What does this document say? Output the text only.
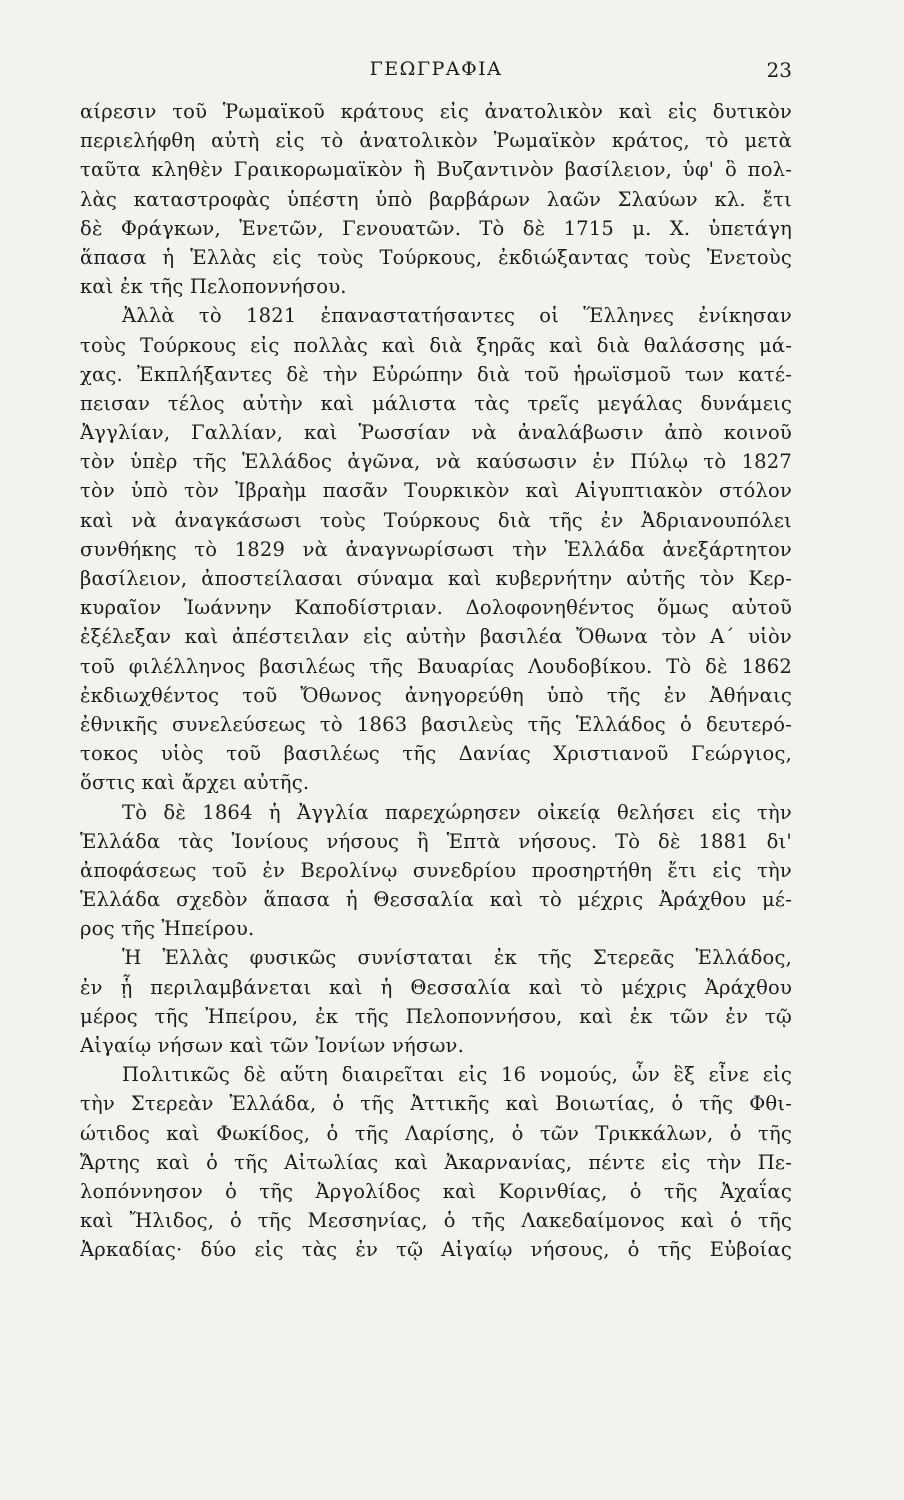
ΓΕΩΓΡΑΦΙΑ	23
αίρεσιν τοῦ Ῥωμαϊκοῦ κράτους εἰς ἀνατολικὸν καὶ εἰς δυτικὸν
περιελήφθη αὐτὴ εἰς τὸ ἀνατολικὸν Ῥωμαϊκὸν κράτος, τὸ μετὰ
ταῦτα κληθὲν Γραικορωμαϊκὸν ἢ Βυζαντινὸν βασίλειον, ὑφ' ὃ πολ-
λὰς καταστροφὰς ὑπέστη ὑπὸ βαρβάρων λαῶν Σλαύων κλ. ἔτι
δὲ Φράγκων, Ἐνετῶν, Γενουατῶν. Τὸ δὲ 1715 μ. Χ. ὑπετάγη
ἅπασα ἡ Ἑλλὰς εἰς τοὺς Τούρκους, ἐκδιώξαντας τοὺς Ἐνετοὺς
καὶ ἐκ τῆς Πελοποννήσου.
Ἀλλὰ τὸ 1821 ἐπαναστατήσαντες οἱ Ἕλληνες ἐνίκησαν
τοὺς Τούρκους εἰς πολλὰς καὶ διὰ ξηρᾶς καὶ διὰ θαλάσσης μά-
χας. Ἐκπλήξαντες δὲ τὴν Εὐρώπην διὰ τοῦ ἡρωϊσμοῦ των κατέ-
πεισαν τέλος αὐτὴν καὶ μάλιστα τὰς τρεῖς μεγάλας δυνάμεις
Ἀγγλίαν, Γαλλίαν, καὶ Ῥωσσίαν νὰ ἀναλάβωσιν ἀπὸ κοινοῦ
τὸν ὑπὲρ τῆς Ἑλλάδος ἀγῶνα, νὰ καύσωσιν ἐν Πύλῳ τὸ 1827
τὸν ὑπὸ τὸν Ἰβραὴμ πασᾶν Τουρκικὸν καὶ Αἰγυπτιακὸν στόλον
καὶ νὰ ἀναγκάσωσι τοὺς Τούρκους διὰ τῆς ἐν Ἀδριανουπόλει
συνθήκης τὸ 1829 νὰ ἀναγνωρίσωσι τὴν Ἑλλάδα ἀνεξάρτητον
βασίλειον, ἀποστείλασαι σύναμα καὶ κυβερνήτην αὐτῆς τὸν Κερ-
κυραῖον Ἰωάννην Καποδίστριαν. Δολοφονηθέντος ὅμως αὐτοῦ
ἐξέλεξαν καὶ ἀπέστειλαν εἰς αὐτὴν βασιλέα Ὄθωνα τὸν Α΄ υἱὸν
τοῦ φιλέλληνος βασιλέως τῆς Βαυαρίας Λουδοβίκου. Τὸ δὲ 1862
ἐκδιωχθέντος τοῦ Ὄθωνος ἀνηγορεύθη ὑπὸ τῆς ἐν Ἀθήναις
ἐθνικῆς συνελεύσεως τὸ 1863 βασιλεὺς τῆς Ἑλλάδος ὁ δευτερό-
τοκος υἱὸς τοῦ βασιλέως τῆς Δανίας Χριστιανοῦ Γεώργιος,
ὅστις καὶ ἄρχει αὐτῆς.
Τὸ δὲ 1864 ἡ Ἀγγλία παρεχώρησεν οἰκείᾳ θελήσει εἰς τὴν
Ἑλλάδα τὰς Ἰονίους νήσους ἢ Ἑπτὰ νήσους. Τὸ δὲ 1881 δι'
ἀποφάσεως τοῦ ἐν Βερολίνῳ συνεδρίου προσηρτήθη ἔτι εἰς τὴν
Ἑλλάδα σχεδὸν ἅπασα ἡ Θεσσαλία καὶ τὸ μέχρις Ἀράχθου μέ-
ρος τῆς Ἠπείρου.
Ἡ Ἑλλὰς φυσικῶς συνίσταται ἐκ τῆς Στερεᾶς Ἑλλάδος,
ἐν ᾗ περιλαμβάνεται καὶ ἡ Θεσσαλία καὶ τὸ μέχρις Ἀράχθου
μέρος τῆς Ἠπείρου, ἐκ τῆς Πελοποννήσου, καὶ ἐκ τῶν ἐν τῷ
Αἰγαίῳ νήσων καὶ τῶν Ἰονίων νήσων.
Πολιτικῶς δὲ αὕτη διαιρεῖται εἰς 16 νομούς, ὧν ἓξ εἶνε εἰς
τὴν Στερεὰν Ἑλλάδα, ὁ τῆς Ἀττικῆς καὶ Βοιωτίας, ὁ τῆς Φθι-
ώτιδος καὶ Φωκίδος, ὁ τῆς Λαρίσης, ὁ τῶν Τρικκάλων, ὁ τῆς
Ἄρτης καὶ ὁ τῆς Αἰτωλίας καὶ Ἀκαρνανίας, πέντε εἰς τὴν Πε-
λοπόννησον ὁ τῆς Ἀργολίδος καὶ Κορινθίας, ὁ τῆς Ἀχαΐας
καὶ Ἤλιδος, ὁ τῆς Μεσσηνίας, ὁ τῆς Λακεδαίμονος καὶ ὁ τῆς
Ἀρκαδίας· δύο εἰς τὰς ἐν τῷ Αἰγαίῳ νήσους, ὁ τῆς Εὐβοίας
